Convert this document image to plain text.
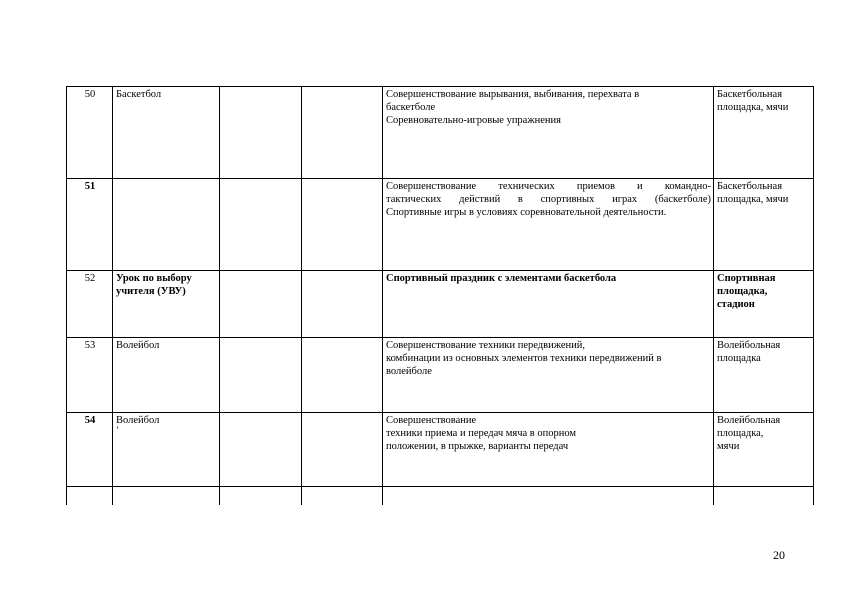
50	Баскетбол			Совершенствование вырывания, выбивания, перехвата в
баскетболе
Соревновательно-игровые упражнения	Баскетбольная
площадка, мячи

51				Совершенствование технических приемов и командно-
тактических действий в спортивных играх (баскетболе)
Спортивные игры в условиях соревновательной деятельности.	Баскетбольная
площадка, мячи

52	Урок по выбору
учителя (УВУ)			Спортивный праздник с элементами баскетбола	Спортивная
площадка,
стадион

53	Волейбол			Совершенствование техники передвижений,
комбинации из основных элементов техники передвижений в
волейболе	Волейбольная
площадка

54	Волейбол
’			Совершенствование
техники приема и передач мяча в опорном
положении, в прыжке, варианты передач	Волейбольная
площадка,
мячи

20
